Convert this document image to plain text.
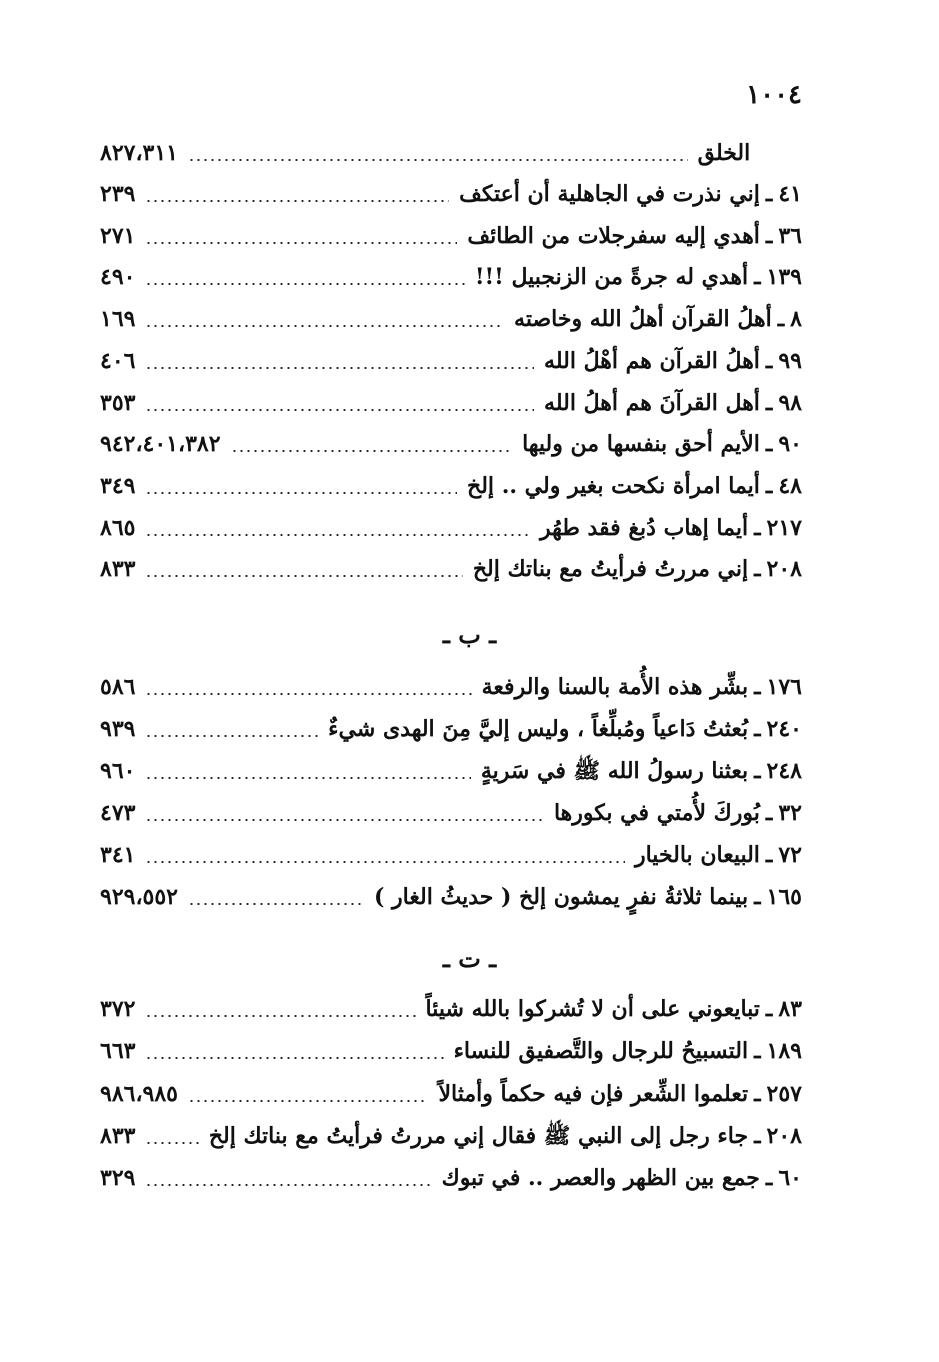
١٠٠٤
الخلق
٨٢٧،٣١١
٤١
ـ
إني نذرت في الجاهلية أن أعتكف
٢٣٩
٣٦
ـ
أهدي إليه سفرجلات من الطائف
٢٧١
١٣٩
ـ
أهدي له جرةً من الزنجبيل !!!
٤٩٠
٨
ـ
أهلُ القرآن أهلُ الله وخاصته
١٦٩
٩٩
ـ
أهلُ القرآن هم أهْلُ الله
٤٠٦
٩٨
ـ
أهل القرآنَ هم أهلُ الله
٣٥٣
٩٠
ـ
الأيم أحق بنفسها من وليها
٩٤٢،٤٠١،٣٨٢
٤٨
ـ
أيما امرأة نكحت بغير ولي .. إلخ
٣٤٩
٢١٧
ـ
أيما إهاب دُبغ فقد طهُر
٨٦٥
٢٠٨
ـ
إني مررتُ فرأيتُ مع بناتك إلخ
٨٣٣
ـ ب ـ
١٧٦
ـ
بشِّر هذه الأُمة بالسنا والرفعة
٥٨٦
٢٤٠
ـ
بُعثتُ دَاعياً ومُبلِّغاً ، وليس إليَّ مِنَ الهدى شيءٌ
٩٣٩
٢٤٨
ـ
بعثنا رسولُ الله ﷺ في سَريةٍ
٩٦٠
٣٢
ـ
بُوركَ لأُمتي في بكورها
٤٧٣
٧٢
ـ
البيعان بالخيار
٣٤١
١٦٥
ـ
بينما ثلاثةُ نفرٍ يمشون إلخ ( حديثُ الغار )
٩٢٩،٥٥٢
ـ ت ـ
٨٣
ـ
تبايعوني على أن لا تُشركوا بالله شيئاً
٣٧٢
١٨٩
ـ
التسبيحُ للرجال والتَّصفيق للنساء
٦٦٣
٢٥٧
ـ
تعلموا الشِّعر فإن فيه حكماً وأمثالاً
٩٨٦،٩٨٥
٢٠٨
ـ
جاء رجل إلى النبي ﷺ فقال إني مررتُ فرأيتُ مع بناتك إلخ
٨٣٣
٦٠
ـ
جمع بين الظهر والعصر .. في تبوك
٣٢٩
